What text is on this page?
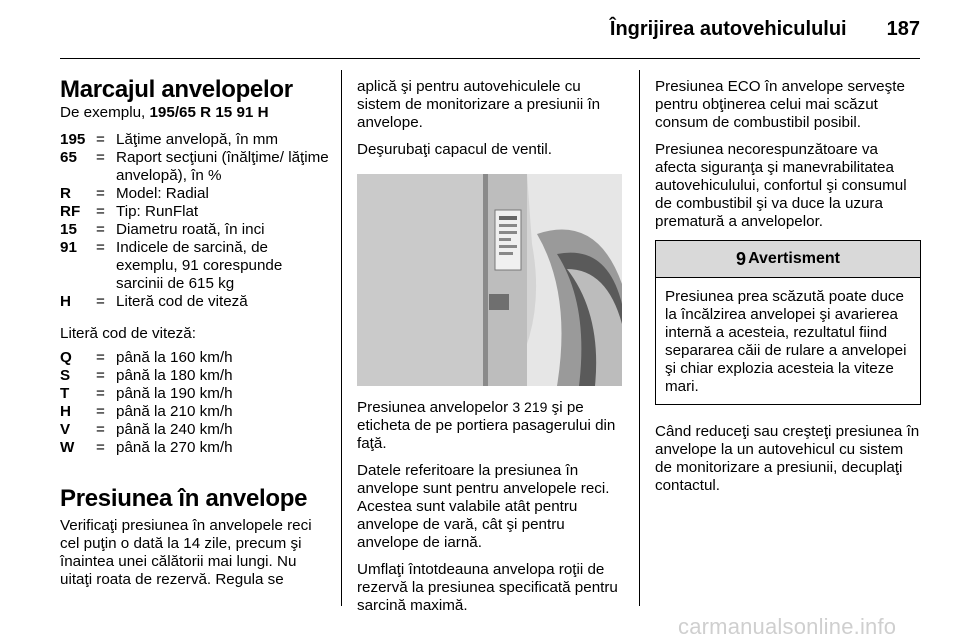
Îngrijirea autovehiculului 187
Marcajul anvelopelor

De exemplu, 195/65 R 15 91 H

195	=	Lăţime anvelopă, în mm
65	=	Raport secţiuni (înălţime/ lăţime anvelopă), în %
R	=	Model: Radial
RF	=	Tip: RunFlat
15	=	Diametru roată, în inci
91	=	Indicele de sarcină, de exemplu, 91 corespunde sarcinii de 615 kg
H	=	Literă cod de viteză

Literă cod de viteză:

Q	=	până la 160 km/h
S	=	până la 180 km/h
T	=	până la 190 km/h
H	=	până la 210 km/h
V	=	până la 240 km/h
W	=	până la 270 km/h
Presiunea în anvelope

Verificaţi presiunea în anvelopele reci cel puţin o dată la 14 zile, precum şi înaintea unei călătorii mai lungi. Nu uitaţi roata de rezervă. Regula se

aplică şi pentru autovehiculele cu sistem de monitorizare a presiunii în anvelope.

Deşurubaţi capacul de ventil.

Presiunea anvelopelor 3 219 şi pe eticheta de pe portiera pasagerului din faţă.

Datele referitoare la presiunea în anvelope sunt pentru anvelopele reci. Acestea sunt valabile atât pentru anvelope de vară, cât şi pentru anvelope de iarnă.

Umflaţi întotdeauna anvelopa roţii de rezervă la presiunea specificată pentru sarcină maximă.

Presiunea ECO în anvelope serveşte pentru obţinerea celui mai scăzut consum de combustibil posibil.

Presiunea necorespunzătoare va afecta siguranţa şi manevrabilitatea autovehiculului, confortul şi consumul de combustibil şi va duce la uzura prematură a anvelopelor.

9 Avertisment
Presiunea prea scăzută poate duce la încălzirea anvelopei şi avarierea internă a acesteia, rezultatul fiind separarea căii de rulare a anvelopei şi chiar explozia acesteia la viteze mari.

Când reduceţi sau creşteţi presiunea în anvelope la un autovehicul cu sistem de monitorizare a presiunii, decuplaţi contactul.

carmanualsonline.info
